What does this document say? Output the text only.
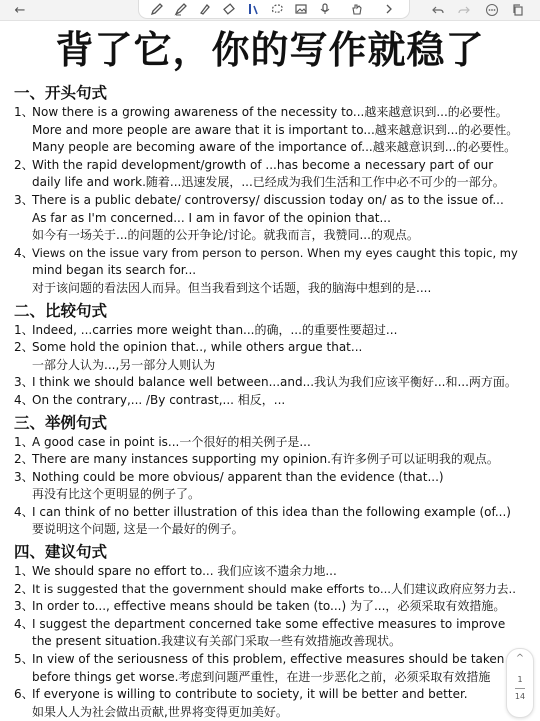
←
背了它，你的写作就稳了
一、开头句式
1、
Now there is a growing awareness of the necessity to...越来越意识到...的必要性。
More and more people are aware that it is important to...越来越意识到...的必要性。
Many people are becoming aware of the importance of...越来越意识到...的必要性。
2、
With the rapid development/growth of ...has become a necessary part of our
daily life and work.随着...迅速发展，...已经成为我们生活和工作中必不可少的一部分。
3、
There is a public debate/ controversy/ discussion today on/ as to the issue of...
As far as I'm concerned... I am in favor of the opinion that...
如今有一场关于...的问题的公开争论/讨论。就我而言，我赞同...的观点。
4、
Views on the issue vary from person to person. When my eyes caught this topic, my
mind began its search for...
对于该问题的看法因人而异。但当我看到这个话题，我的脑海中想到的是....
二、比较句式
1、
Indeed, ...carries more weight than...的确，...的重要性要超过...
2、
Some hold the opinion that.., while others argue that...
一部分人认为...,另一部分人则认为
3、
I think we should balance well between...and...我认为我们应该平衡好...和...两方面。
4、
On the contrary,... /By contrast,... 相反，...
三、举例句式
1、
A good case in point is...一个很好的相关例子是...
2、
There are many instances supporting my opinion.有许多例子可以证明我的观点。
3、
Nothing could be more obvious/ apparent than the evidence (that...)
再没有比这个更明显的例子了。
4、
I can think of no better illustration of this idea than the following example (of...)
要说明这个问题, 这是一个最好的例子。
四、建议句式
1、
We should spare no effort to... 我们应该不遗余力地...
2、
It is suggested that the government should make efforts to...人们建议政府应努力去..
3、
In order to..., effective means should be taken (to...) 为了...，必须采取有效措施。
4、
I suggest the department concerned take some effective measures to improve
the present situation.我建议有关部门采取一些有效措施改善现状。
5、
In view of the seriousness of this problem, effective measures should be taken
before things get worse.考虑到问题严重性，在进一步恶化之前，必须采取有效措施
6、
If everyone is willing to contribute to society, it will be better and better.
如果人人为社会做出贡献,世界将变得更加美好。
^
1
14
